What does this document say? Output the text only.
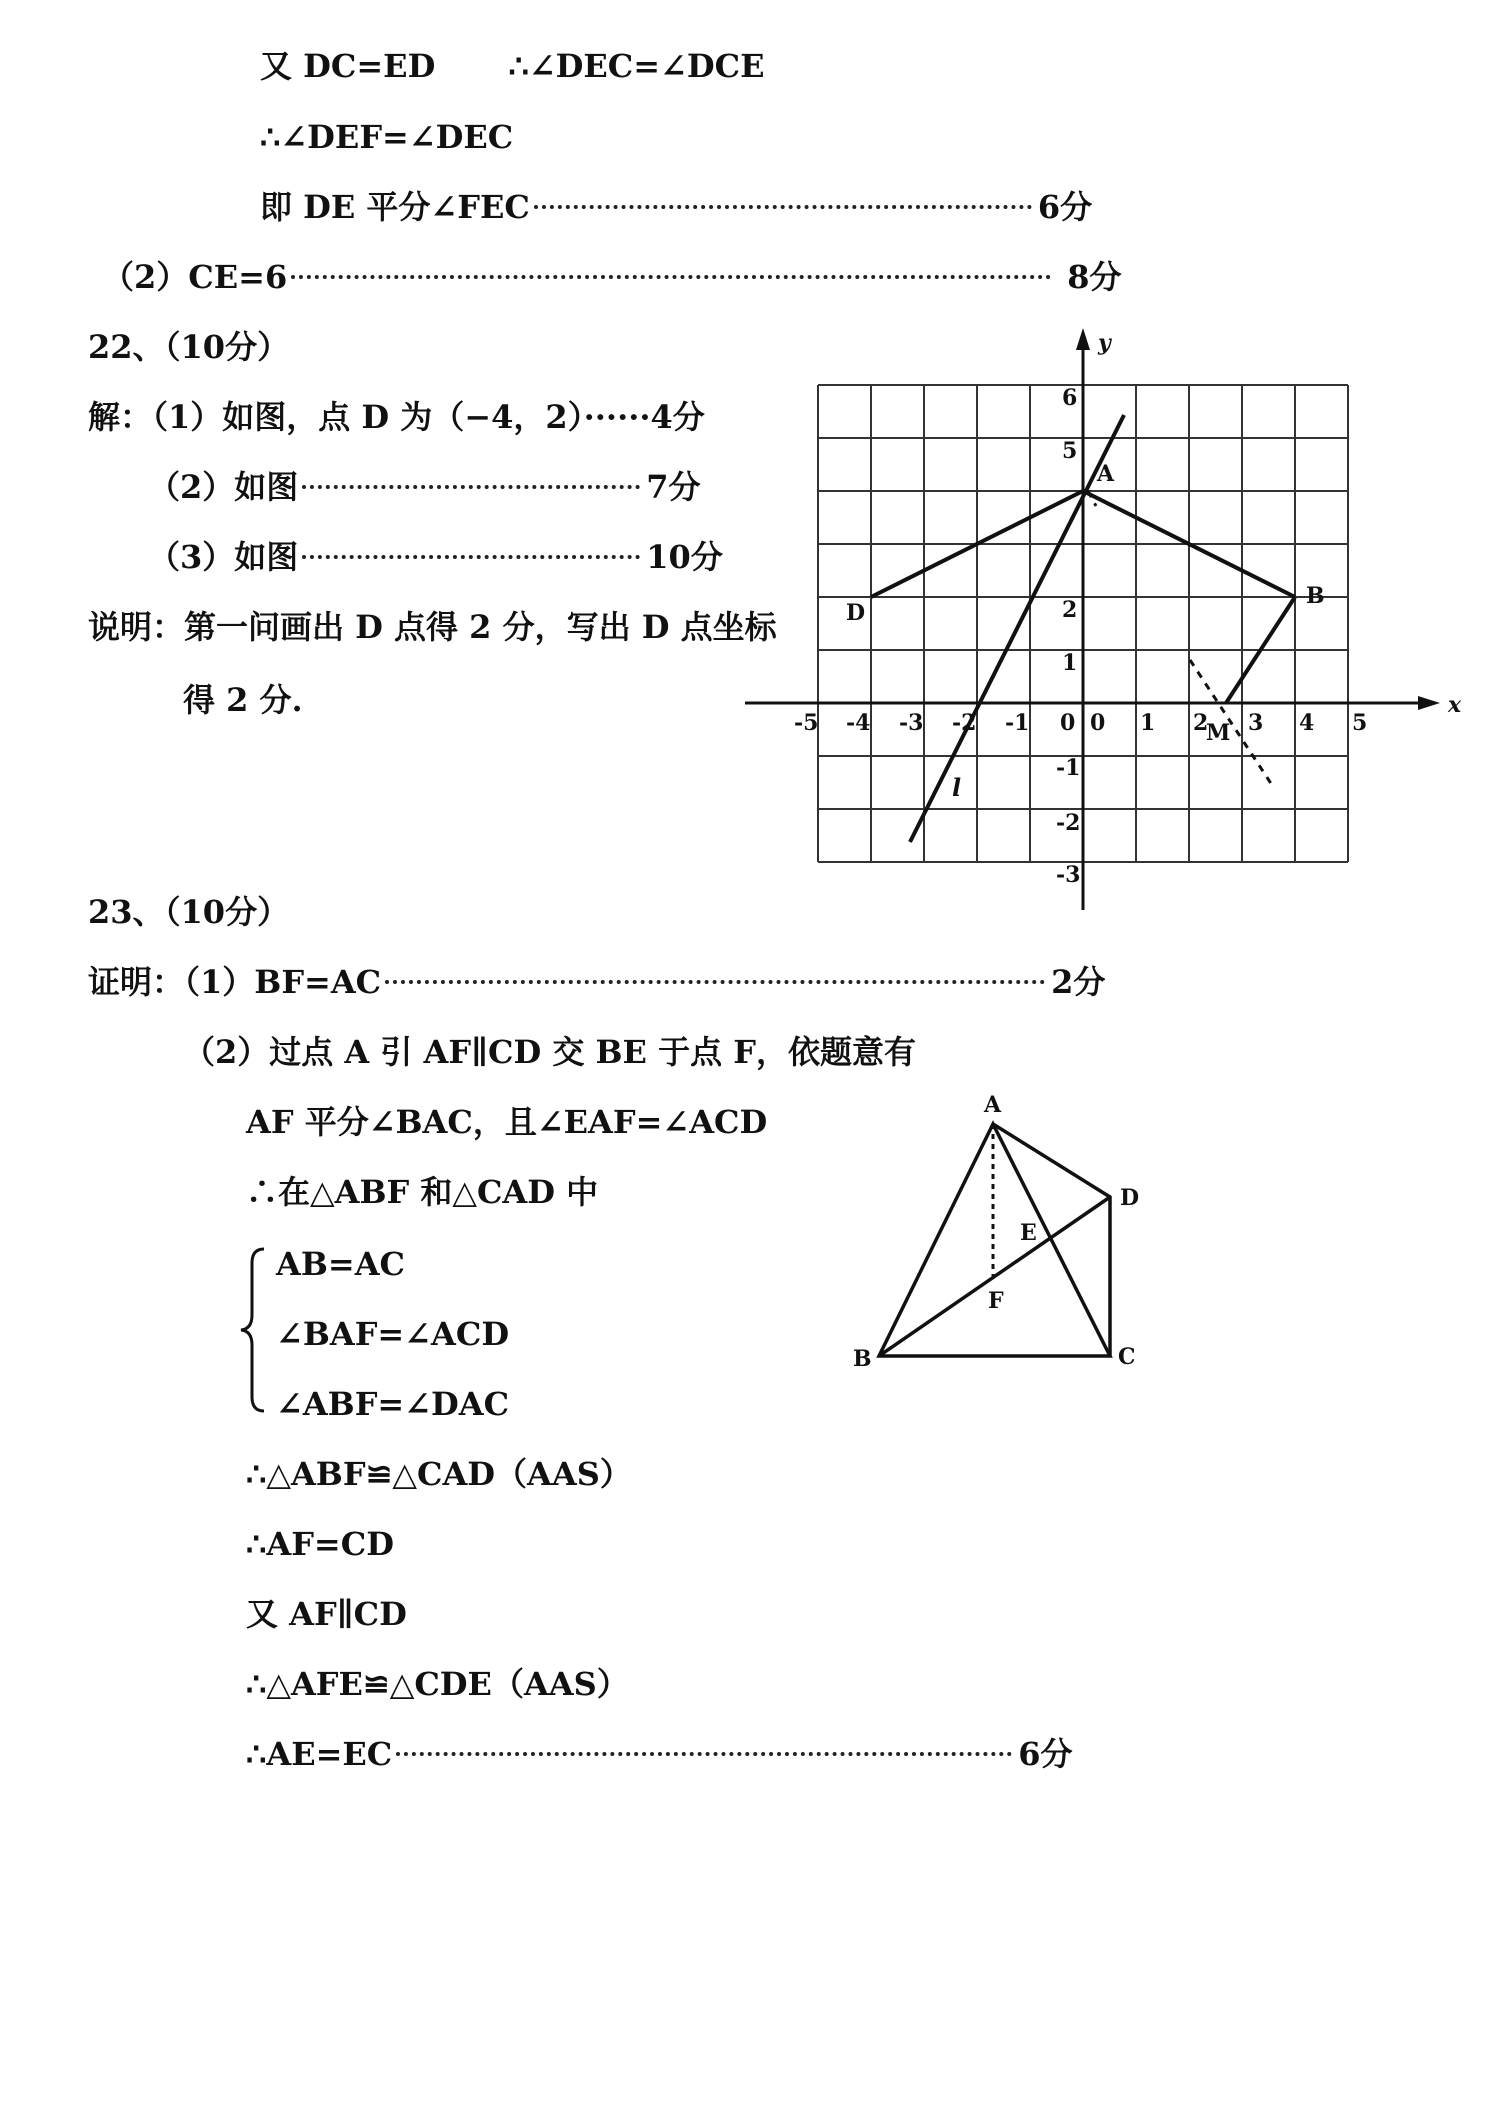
又 DC=ED ∴∠DEC=∠DCE
∴∠DEF=∠DEC
即 DE 平分∠FEC	6分
（2）CE=6	8分
22、（10分）
解：（1）如图，点 D 为（−4，2）······4分
（2）如图	7分
（3）如图	10分
说明：第一问画出 D 点得 2 分，写出 D 点坐标
得 2 分.
23、（10分）
证明：（1）BF=AC	2分
（2）过点 A 引 AF∥CD 交 BE 于点 F，依题意有
AF 平分∠BAC，且∠EAF=∠ACD
∴在△ABF 和△CAD 中
AB=AC
∠BAF=∠ACD
∠ABF=∠DAC
∴△ABF≌△CAD（AAS）
∴AF=CD
又 AF∥CD
∴△AFE≌△CDE（AAS）
∴AE=EC	6分
x
y
-5 -4 -3 -2 -1 0 0 1 2 3 4 5
6
5
2
1
-1
-2
-3
A
B
D
M
l
A
B	C
D
E
F
